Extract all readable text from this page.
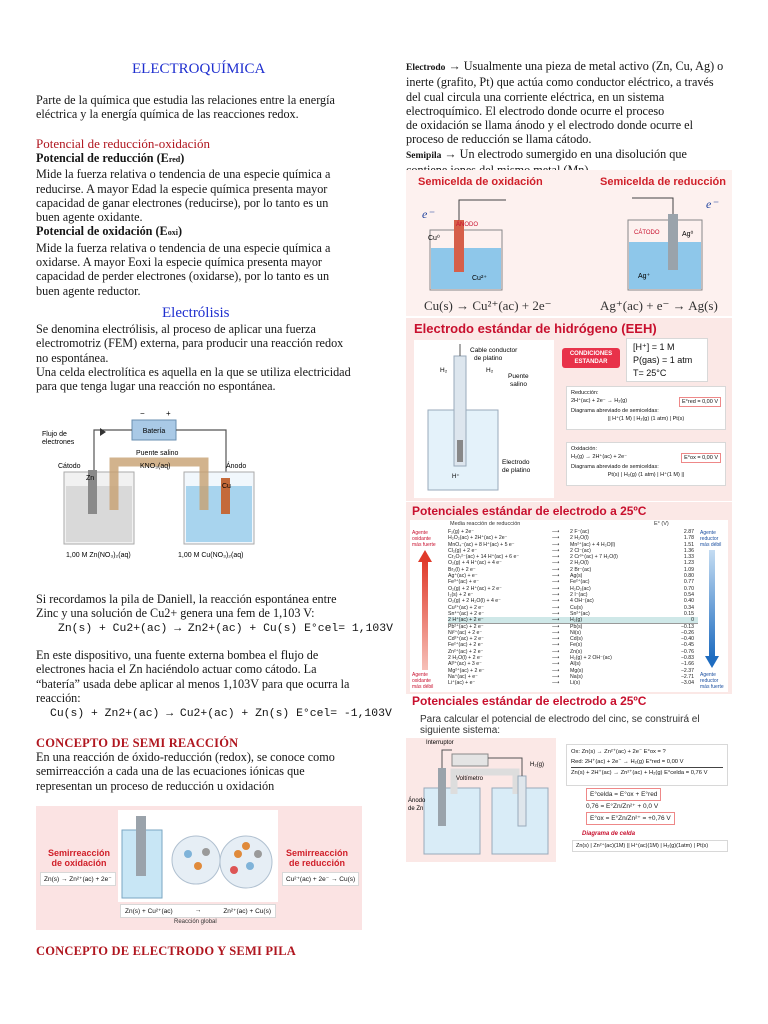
ELECTROQUÍMICA
Parte de la química que estudia las relaciones entre la energía
eléctrica y la energía química de las reacciones redox.
Potencial de reducción-oxidación
Potencial de reducción (Ered)
Mide la fuerza relativa o tendencia de una especie química a
reducirse. A mayor Edad la especie química presenta mayor
capacidad de ganar electrones (reducirse), por lo tanto es un
buen agente oxidante.
Potencial de oxidación (Eoxi)
Mide la fuerza relativa o tendencia de una especie química a
oxidarse. A mayor Eoxi la especie química presenta mayor
capacidad de perder electrones (oxidarse), por lo tanto es un
buen agente reductor.
Electrólisis
Se denomina electrólisis, al proceso de aplicar una fuerza
electromotriz (FEM) externa, para producir una reacción redox
no espontánea.
Una celda electrolítica es aquella en la que se utiliza electricidad
para que tenga lugar una reacción no espontánea.
Batería
−	+
Flujo de
electrones
Cátodo	Ánodo
Puente salino
KNO₃(aq)
Zn
Cu
1,00 M Zn(NO₃)₂(aq)	1,00 M Cu(NO₃)₂(aq)
Si recordamos la pila de Daniell, la reacción espontánea entre
Zinc y una solución de Cu2+ genera una fem de 1,103 V:
Zn(s) + Cu2+(ac) → Zn2+(ac) + Cu(s) E°cel= 1,103V
En este dispositivo, una fuente externa bombea el flujo de
electrones hacia el Zn haciéndolo actuar como cátodo. La
“batería” usada debe aplicar al menos 1,103V para que ocurra la
reacción:
Cu(s) + Zn2+(ac) → Cu2+(ac) + Zn(s) E°cel= -1,103V
CONCEPTO DE SEMI REACCIÓN
En una reacción de óxido-reducción (redox), se conoce como
semirreacción a cada una de las ecuaciones iónicas que
representan un proceso de reducción u oxidación
Semirreacción
de oxidación
Zn(s) → Zn²⁺(ac) + 2e⁻
Semirreacción
de reducción
Cu²⁺(ac) + 2e⁻ → Cu(s)
Zn(s) + Cu²⁺(ac)	→	Zn²⁺(ac) + Cu(s)
Reacción global
CONCEPTO DE ELECTRODO Y SEMI PILA
Electrodo → Usualmente una pieza de metal activo (Zn, Cu, Ag) o
inerte (grafito, Pt) que actúa como conductor eléctrico, a través
del cual circula una corriente eléctrica, en un sistema
electroquímico. El electrodo donde ocurre el proceso
de oxidación se llama ánodo y el electrodo donde ocurre el
proceso de reducción se llama cátodo.
Semipila → Un electrodo sumergido en una disolución que
Semicelda de oxidación	Semicelda de reducción
e⁻
e⁻
ÁNODO
CÁTODO
Cu⁰
Cu²⁺
Ag⁰
Ag⁺
Cu(s) → Cu²⁺(ac) + 2e⁻	Ag⁺(ac) + e⁻ → Ag(s)
Electrodo estándar de hidrógeno (EEH)
Cable conductor
de platino
Puente
salino
H₂	H₂
Electrodo
de platino
H⁺
CONDICIONES
ESTANDAR
[H⁺] = 1 M
P(gas) = 1 atm
T= 25°C
Reducción:
2H⁺(ac) + 2e⁻ → H₂(g)	E°red = 0,00 V
Diagrama abreviado de semiceldas:
|| H⁺(1 M) | H₂(g) (1 atm) | Pt(s)
Oxidación:
H₂(g) → 2H⁺(ac) + 2e⁻	E°ox = 0,00 V
Diagrama abreviado de semiceldas:
Pt(s) | H₂(g) (1 atm) | H⁺(1 M) ||
Potenciales estándar de electrodo a 25ºC
Media reacción de reducción	E° (V)
Agente
oxidante
más fuerte
Agente
oxidante
más débil
Agente
reductor
más débil
Agente
reductor
más fuerte
F₂(g) + 2e⁻	⟶	2 F⁻(ac)	2.87
H₂O₂(ac) + 2H⁺(ac) + 2e⁻	⟶	2 H₂O(l)	1.78
MnO₄⁻(ac) + 8 H⁺(ac) + 5 e⁻	⟶	Mn²⁺(ac) + 4 H₂O(l)	1.51
Cl₂(g) + 2 e⁻	⟶	2 Cl⁻(ac)	1.36
Cr₂O₇²⁻(ac) + 14 H⁺(ac) + 6 e⁻	⟶	2 Cr³⁺(ac) + 7 H₂O(l)	1.33
O₂(g) + 4 H⁺(ac) + 4 e⁻	⟶	2 H₂O(l)	1.23
Br₂(l) + 2 e⁻	⟶	2 Br⁻(ac)	1.09
Ag⁺(ac) + e⁻	⟶	Ag(s)	0.80
Fe³⁺(ac) + e⁻	⟶	Fe²⁺(ac)	0.77
O₂(g) + 2 H⁺(ac) + 2 e⁻	⟶	H₂O₂(ac)	0.70
I₂(s) + 2 e⁻	⟶	2 I⁻(ac)	0.54
O₂(g) + 2 H₂O(l) + 4 e⁻	⟶	4 OH⁻(ac)	0.40
Cu²⁺(ac) + 2 e⁻	⟶	Cu(s)	0.34
Sn⁴⁺(ac) + 2 e⁻	⟶	Sn²⁺(ac)	0.15
2 H⁺(ac) + 2 e⁻	⟶	H₂(g)	0
Pb²⁺(ac) + 2 e⁻	⟶	Pb(s)	−0.13
Ni²⁺(ac) + 2 e⁻	⟶	Ni(s)	−0.26
Cd²⁺(ac) + 2 e⁻	⟶	Cd(s)	−0.40
Fe²⁺(ac) + 2 e⁻	⟶	Fe(s)	−0.45
Zn²⁺(ac) + 2 e⁻	⟶	Zn(s)	−0.76
2 H₂O(l) + 2 e⁻	⟶	H₂(g) + 2 OH⁻(ac)	−0.83
Al³⁺(ac) + 3 e⁻	⟶	Al(s)	−1.66
Mg²⁺(ac) + 2 e⁻	⟶	Mg(s)	−2.37
Na⁺(ac) + e⁻	⟶	Na(s)	−2.71
Li⁺(ac) + e⁻	⟶	Li(s)	−3.04
Potenciales estándar de electrodo a 25ºC
Para calcular el potencial de electrodo del cinc, se construirá el
siguiente sistema:
Interruptor
Voltímetro
Ánodo
de Zn
H₂(g)
Ox: Zn(s) → Zn²⁺(ac) + 2e⁻ E°ox = ?
Red: 2H⁺(ac) + 2e⁻ → H₂(g) E°red = 0,00 V
Zn(s) + 2H⁺(ac) → Zn²⁺(ac) + H₂(g) E°celda = 0,76 V
E°celda = E°ox + E°red
0,76 = E°Zn/Zn²⁺ + 0,0 V
E°ox = E°Zn/Zn²⁺ = +0,76 V
Diagrama de celda
Zn(s) | Zn²⁺(ac)(1M) || H⁺(ac)(1M) | H₂(g)(1atm) | Pt(s)
